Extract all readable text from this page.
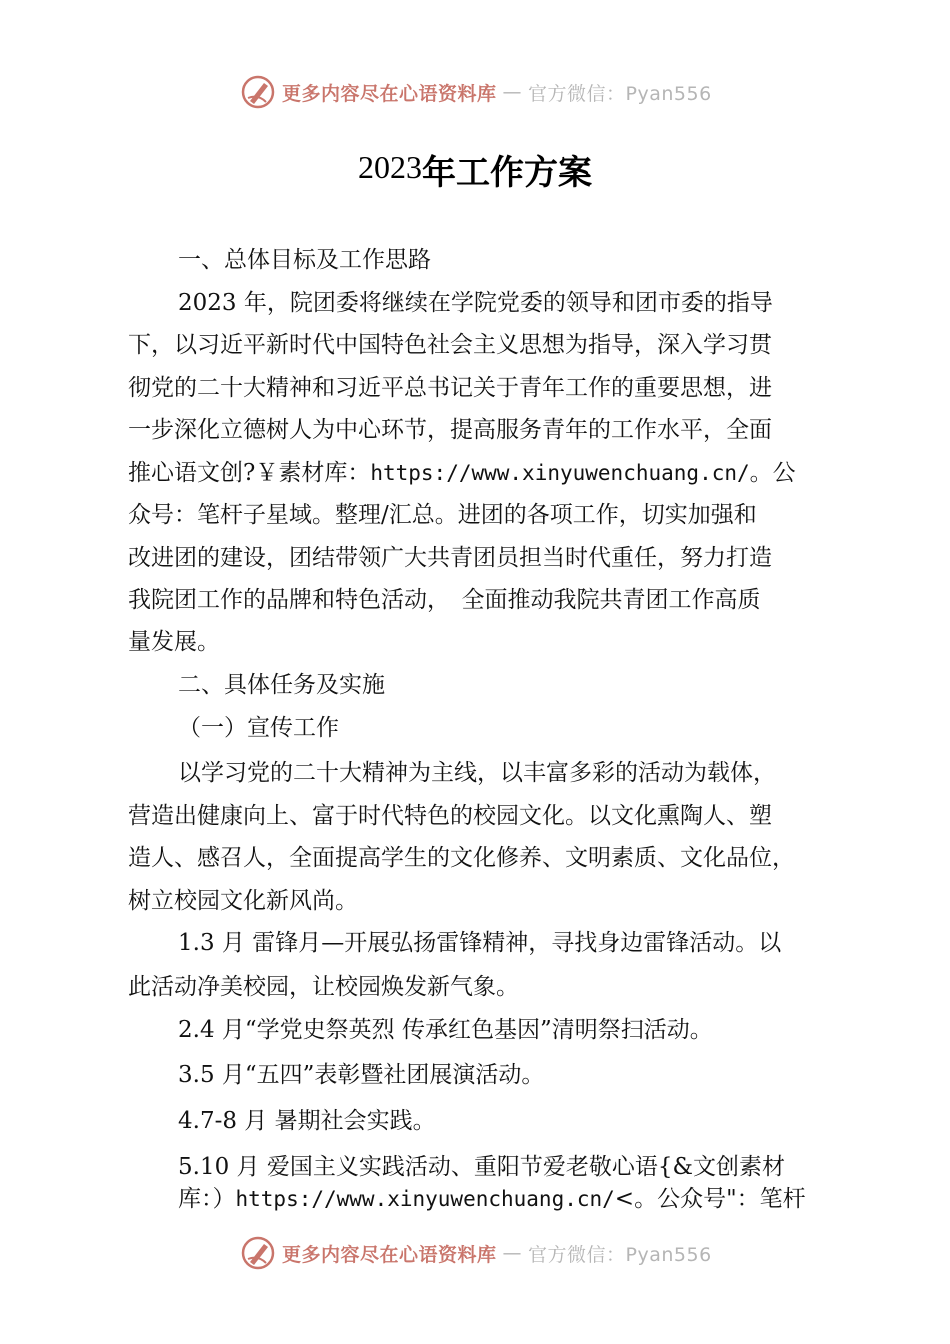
更多内容尽在心语资料库 — 官方微信：Pyan556
2023年工作方案

一、总体目标及工作思路

2023 年，院团委将继续在学院党委的领导和团市委的指导

下，以习近平新时代中国特色社会主义思想为指导，深入学习贯

彻党的二十大精神和习近平总书记关于青年工作的重要思想，进

一步深化立德树人为中心环节，提高服务青年的工作水平，全面

推心语文创?￥素材库：https://www.xinyuwenchuang.cn/。公

众号：笔杆子星域。整理/汇总。进团的各项工作，切实加强和

改进团的建设，团结带领广大共青团员担当时代重任，努力打造

我院团工作的品牌和特色活动，　全面推动我院共青团工作高质

量发展。

二、具体任务及实施

（一）宣传工作

以学习党的二十大精神为主线，以丰富多彩的活动为载体，

营造出健康向上、富于时代特色的校园文化。以文化熏陶人、塑

造人、感召人，全面提高学生的文化修养、文明素质、文化品位，

树立校园文化新风尚。

1.3 月 雷锋月—开展弘扬雷锋精神，寻找身边雷锋活动。以

此活动净美校园，让校园焕发新气象。

2.4 月“学党史祭英烈 传承红色基因”清明祭扫活动。

3.5 月“五四”表彰暨社团展演活动。

4.7-8 月 暑期社会实践。

5.10 月 爱国主义实践活动、重阳节爱老敬心语{&文创素材

库：）https://www.xinyuwenchuang.cn/<。公众号"：笔杆

更多内容尽在心语资料库 — 官方微信：Pyan556
